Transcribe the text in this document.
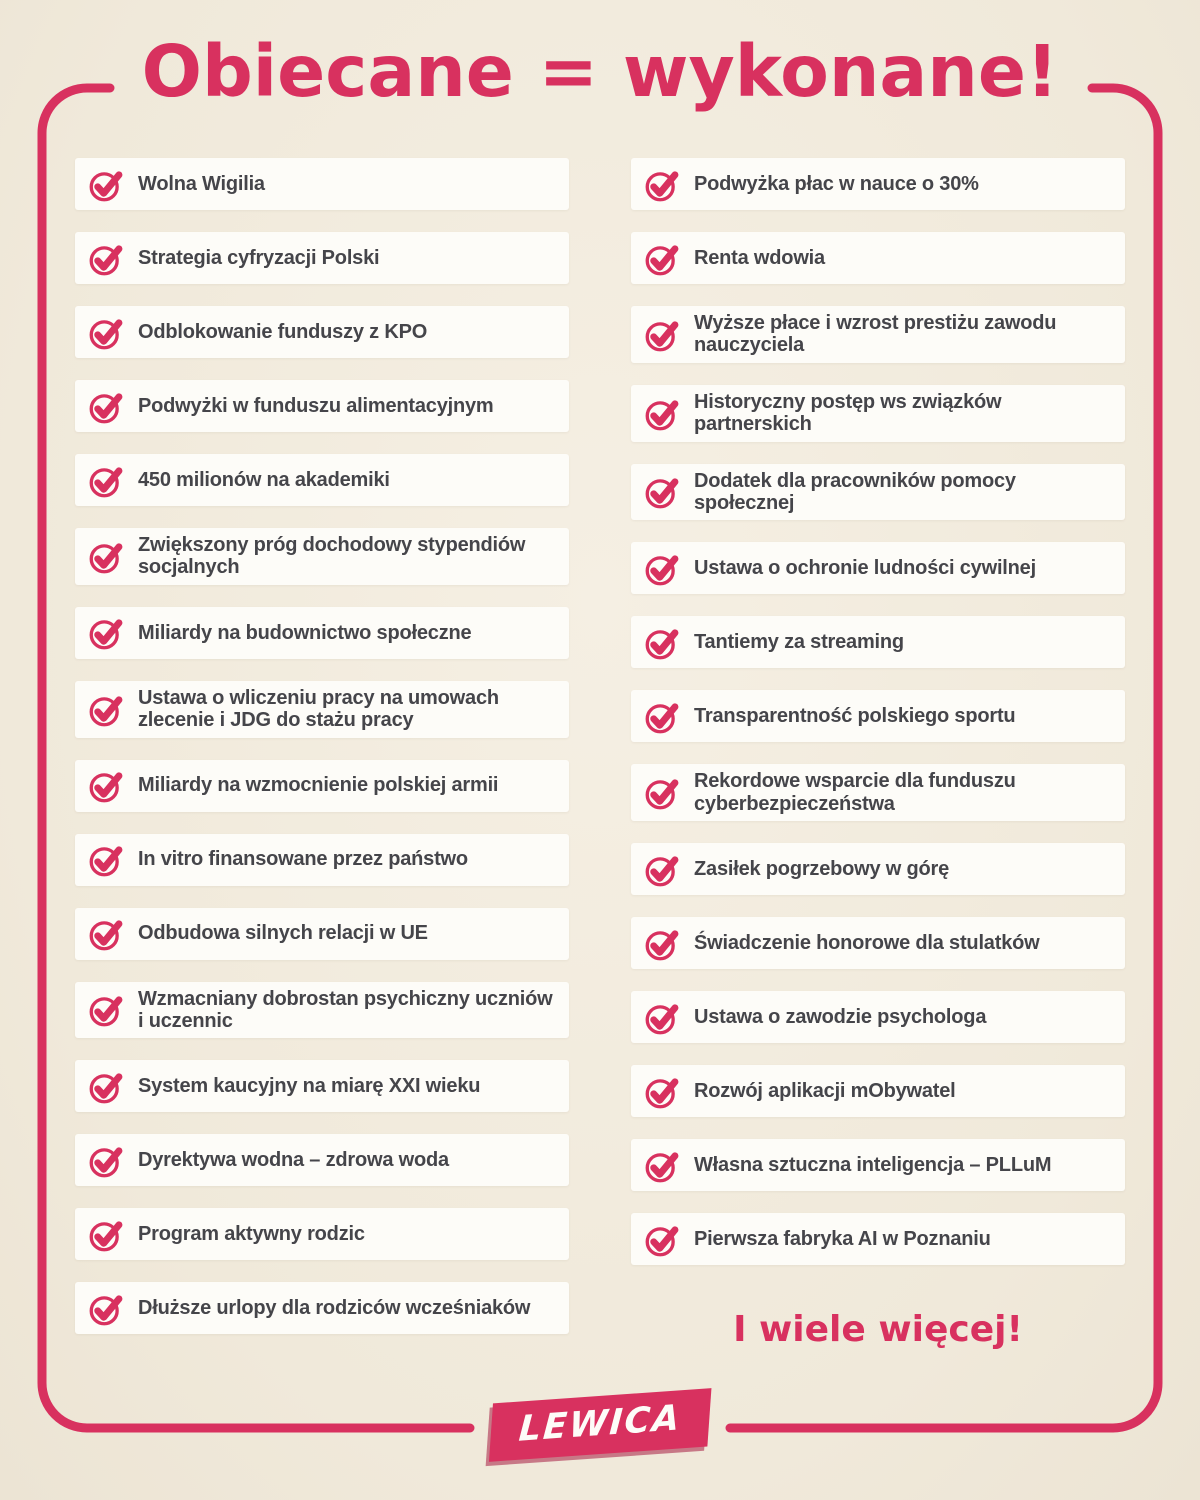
Obiecane = wykonane!
Wolna Wigilia
Strategia cyfryzacji Polski
Odblokowanie funduszy z KPO
Podwyżki w funduszu alimentacyjnym
450 milionów na akademiki
Zwiększony próg dochodowy stypendiów socjalnych
Miliardy na budownictwo społeczne
Ustawa o wliczeniu pracy na umowach zlecenie i JDG do stażu pracy
Miliardy na wzmocnienie polskiej armii
In vitro finansowane przez państwo
Odbudowa silnych relacji w UE
Wzmacniany dobrostan psychiczny uczniów i uczennic
System kaucyjny na miarę XXI wieku
Dyrektywa wodna – zdrowa woda
Program aktywny rodzic
Dłuższe urlopy dla rodziców wcześniaków
Podwyżka płac w nauce o 30%
Renta wdowia
Wyższe płace i wzrost prestiżu zawodu nauczyciela
Historyczny postęp ws związków partnerskich
Dodatek dla pracowników pomocy społecznej
Ustawa o ochronie ludności cywilnej
Tantiemy za streaming
Transparentność polskiego sportu
Rekordowe wsparcie dla funduszu cyberbezpieczeństwa
Zasiłek pogrzebowy w górę
Świadczenie honorowe dla stulatków
Ustawa o zawodzie psychologa
Rozwój aplikacji mObywatel
Własna sztuczna inteligencja – PLLuM
Pierwsza fabryka AI w Poznaniu
I wiele więcej!
LEWICA
